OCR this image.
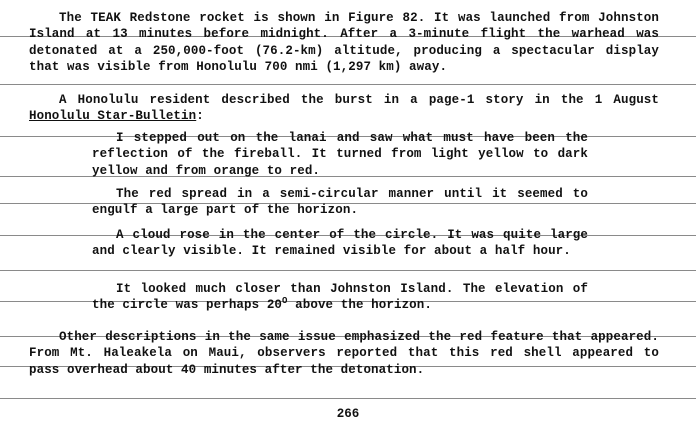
The TEAK Redstone rocket is shown in Figure 82. It was launched from Johnston Island at 13 minutes before midnight. After a 3-minute flight the warhead was detonated at a 250,000-foot (76.2-km) altitude, producing a spectacular display that was visible from Honolulu 700 nmi (1,297 km) away.

A Honolulu resident described the burst in a page-1 story in the 1 August Honolulu Star-Bulletin:

I stepped out on the lanai and saw what must have been the reflection of the fireball. It turned from light yellow to dark yellow and from orange to red.

The red spread in a semi-circular manner until it seemed to engulf a large part of the horizon.

A cloud rose in the center of the circle. It was quite large and clearly visible. It remained visible for about a half hour.

It looked much closer than Johnston Island. The elevation of the circle was perhaps $20^O$ above the horizon.

Other descriptions in the same issue emphasized the red feature that appeared. From Mt. Haleakela on Maui, observers reported that this red shell appeared to pass overhead about 40 minutes after the detonation.

266
